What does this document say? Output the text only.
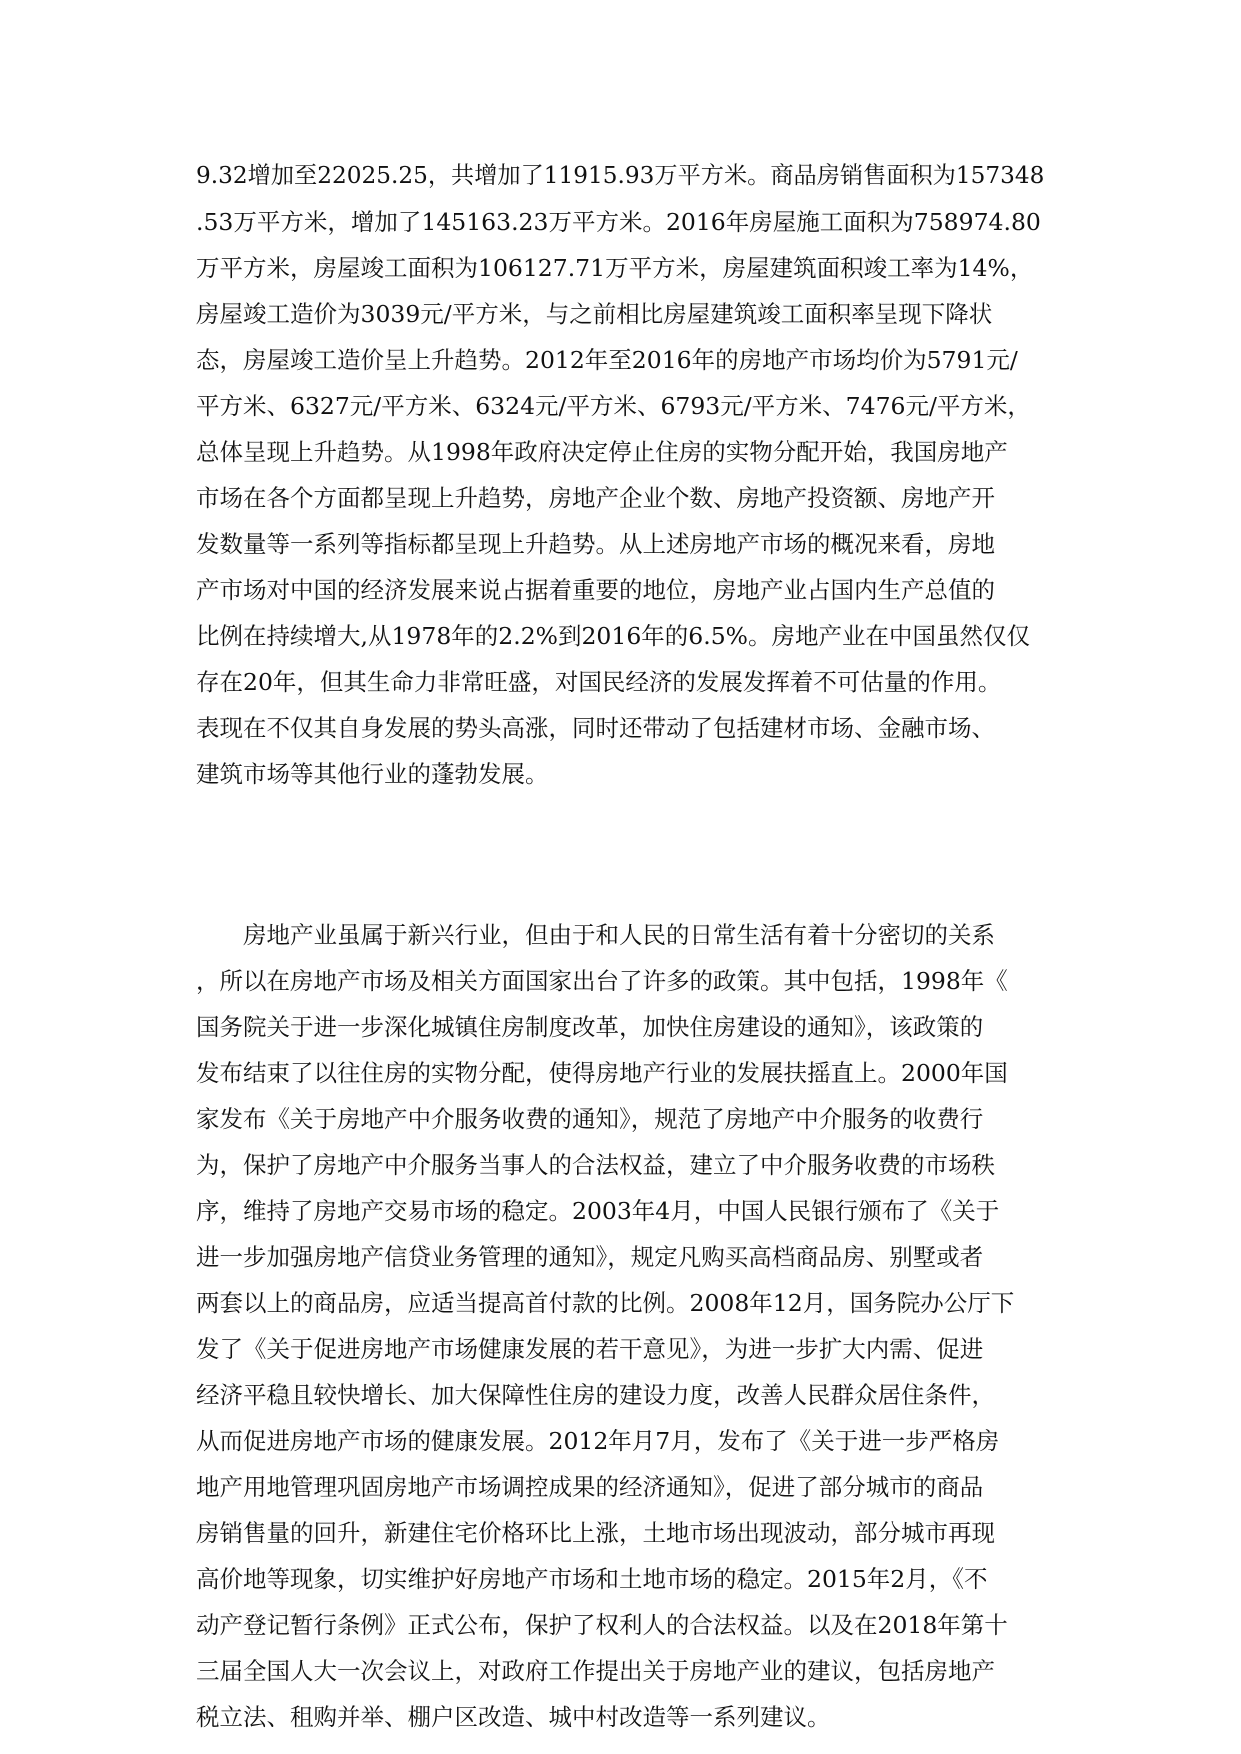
9.32增加至22025.25，共增加了11915.93万平方米。商品房销售面积为157348

.53万平方米，增加了145163.23万平方米。2016年房屋施工面积为758974.80

万平方米，房屋竣工面积为106127.71万平方米，房屋建筑面积竣工率为14%，

房屋竣工造价为3039元/平方米，与之前相比房屋建筑竣工面积率呈现下降状

态，房屋竣工造价呈上升趋势。2012年至2016年的房地产市场均价为5791元/

平方米、6327元/平方米、6324元/平方米、6793元/平方米、7476元/平方米，

总体呈现上升趋势。从1998年政府决定停止住房的实物分配开始，我国房地产

市场在各个方面都呈现上升趋势，房地产企业个数、房地产投资额、房地产开

发数量等一系列等指标都呈现上升趋势。从上述房地产市场的概况来看，房地

产市场对中国的经济发展来说占据着重要的地位，房地产业占国内生产总值的

比例在持续增大,从1978年的2.2%到2016年的6.5%。房地产业在中国虽然仅仅

存在20年，但其生命力非常旺盛，对国民经济的发展发挥着不可估量的作用。

表现在不仅其自身发展的势头高涨，同时还带动了包括建材市场、金融市场、

建筑市场等其他行业的蓬勃发展。

　　房地产业虽属于新兴行业，但由于和人民的日常生活有着十分密切的关系

，所以在房地产市场及相关方面国家出台了许多的政策。其中包括，1998年《

国务院关于进一步深化城镇住房制度改革，加快住房建设的通知》，该政策的

发布结束了以往住房的实物分配，使得房地产行业的发展扶摇直上。2000年国

家发布《关于房地产中介服务收费的通知》，规范了房地产中介服务的收费行

为，保护了房地产中介服务当事人的合法权益，建立了中介服务收费的市场秩

序，维持了房地产交易市场的稳定。2003年4月，中国人民银行颁布了《关于

进一步加强房地产信贷业务管理的通知》，规定凡购买高档商品房、别墅或者

两套以上的商品房，应适当提高首付款的比例。2008年12月，国务院办公厅下

发了《关于促进房地产市场健康发展的若干意见》，为进一步扩大内需、促进

经济平稳且较快增长、加大保障性住房的建设力度，改善人民群众居住条件，

从而促进房地产市场的健康发展。2012年月7月，发布了《关于进一步严格房

地产用地管理巩固房地产市场调控成果的经济通知》，促进了部分城市的商品

房销售量的回升，新建住宅价格环比上涨，土地市场出现波动，部分城市再现

高价地等现象，切实维护好房地产市场和土地市场的稳定。2015年2月，《不

动产登记暂行条例》正式公布，保护了权利人的合法权益。以及在2018年第十

三届全国人大一次会议上，对政府工作提出关于房地产业的建议，包括房地产

税立法、租购并举、棚户区改造、城中村改造等一系列建议。
